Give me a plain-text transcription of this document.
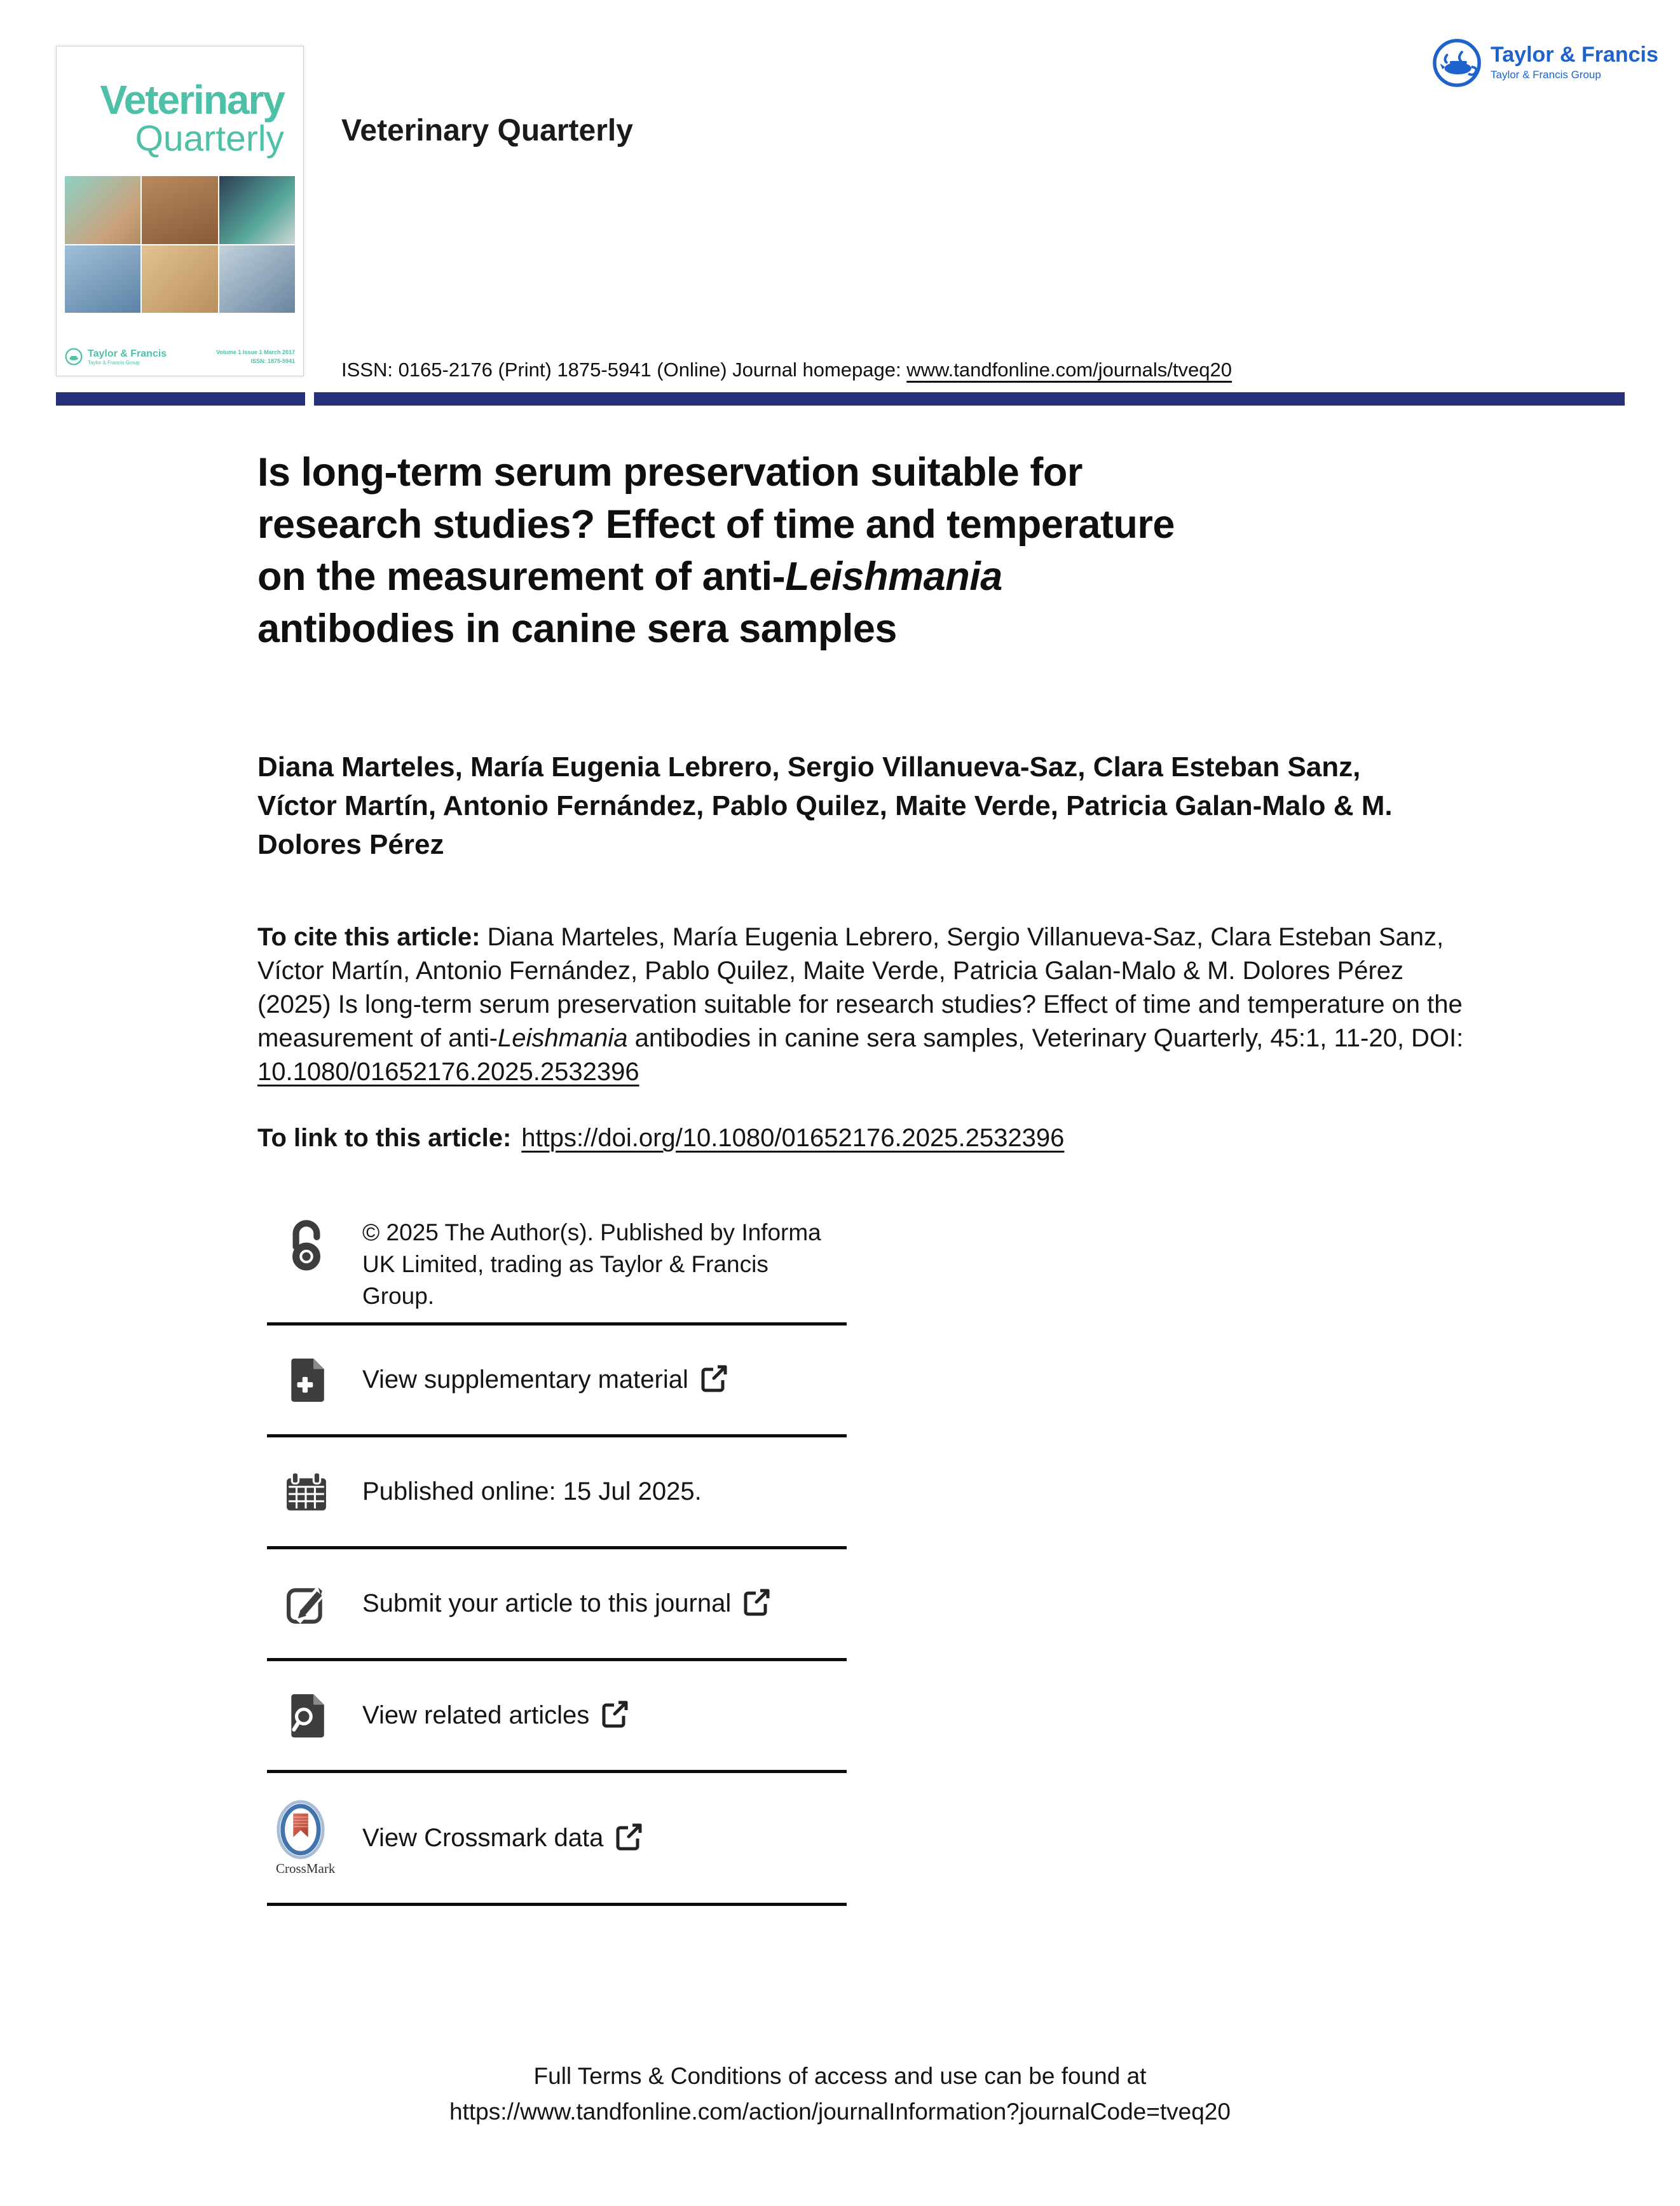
Veterinary
Quarterly
Taylor & Francis
Taylor & Francis Group
Volume 1 Issue 1 March 2017
ISSN: 1875-5941
Taylor & Francis
Taylor & Francis Group
Veterinary Quarterly
ISSN: 0165-2176 (Print) 1875-5941 (Online) Journal homepage: www.tandfonline.com/journals/tveq20
Is long-term serum preservation suitable for
research studies? Effect of time and temperature
on the measurement of anti-Leishmania
antibodies in canine sera samples
Diana Marteles, María Eugenia Lebrero, Sergio Villanueva-Saz, Clara Esteban Sanz, Víctor Martín, Antonio Fernández, Pablo Quilez, Maite Verde, Patricia Galan-Malo & M. Dolores Pérez

To cite this article: Diana Marteles, María Eugenia Lebrero, Sergio Villanueva-Saz, Clara Esteban Sanz, Víctor Martín, Antonio Fernández, Pablo Quilez, Maite Verde, Patricia Galan-Malo & M. Dolores Pérez (2025) Is long-term serum preservation suitable for research studies? Effect of time and temperature on the measurement of anti-Leishmania antibodies in canine sera samples, Veterinary Quarterly, 45:1, 11-20, DOI: 10.1080/01652176.2025.2532396

To link to this article: https://doi.org/10.1080/01652176.2025.2532396

© 2025 The Author(s). Published by Informa UK Limited, trading as Taylor & Francis Group.
View supplementary material
Published online: 15 Jul 2025.
Submit your article to this journal
View related articles
CrossMark
View Crossmark data
Full Terms & Conditions of access and use can be found at
https://www.tandfonline.com/action/journalInformation?journalCode=tveq20
